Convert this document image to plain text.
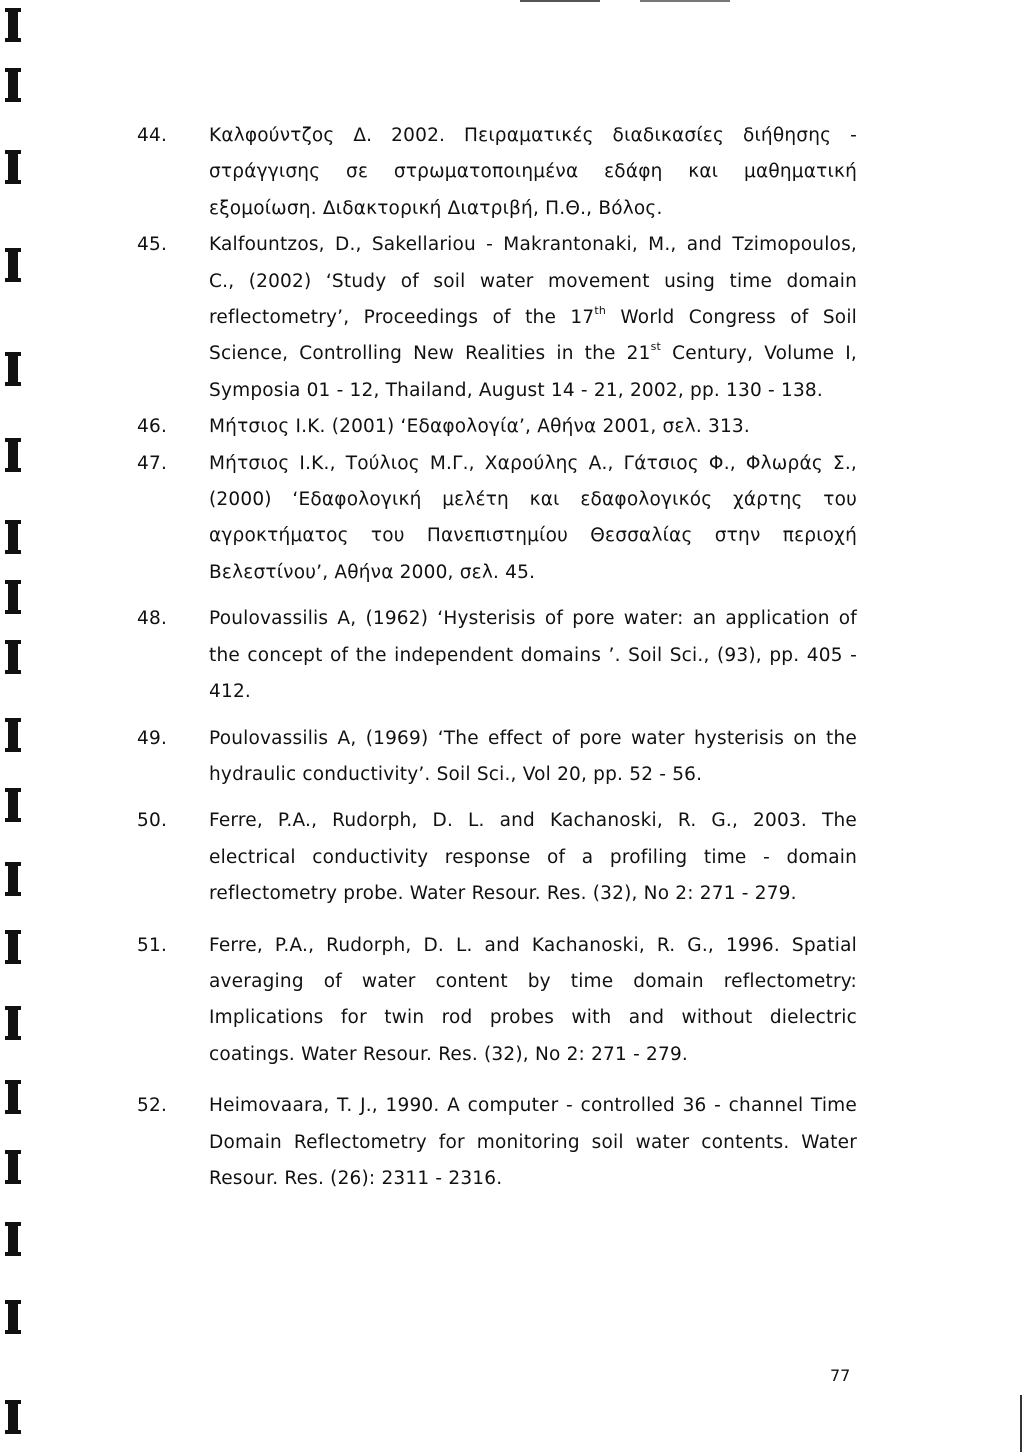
44. Καλφούντζος Δ. 2002. Πειραματικές διαδικασίες διήθησης - στράγγισης σε στρωματοποιημένα εδάφη και μαθηματική εξομοίωση. Διδακτορική Διατριβή, Π.Θ., Βόλος.
45. Kalfountzos, D., Sakellariou - Makrantonaki, M., and Tzimopoulos, C., (2002) ‘Study of soil water movement using time domain reflectometry’, Proceedings of the 17th World Congress of Soil Science, Controlling New Realities in the 21st Century, Volume I, Symposia 01 - 12, Thailand, August 14 - 21, 2002, pp. 130 - 138.
46. Μήτσιος Ι.Κ. (2001) ‘Εδαφολογία’, Αθήνα 2001, σελ. 313.
47. Μήτσιος Ι.Κ., Τούλιος Μ.Γ., Χαρούλης Α., Γάτσιος Φ., Φλωράς Σ., (2000) ‘Εδαφολογική μελέτη και εδαφολογικός χάρτης του αγροκτήματος του Πανεπιστημίου Θεσσαλίας στην περιοχή Βελεστίνου’, Αθήνα 2000, σελ. 45.
48. Poulovassilis A, (1962) ‘Hysterisis of pore water: an application of the concept of the independent domains ’. Soil Sci., (93), pp. 405 - 412.
49. Poulovassilis A, (1969) ‘The effect of pore water hysterisis on the hydraulic conductivity’. Soil Sci., Vol 20, pp. 52 - 56.
50. Ferre, P.A., Rudorph, D. L. and Kachanoski, R. G., 2003. The electrical conductivity response of a profiling time - domain reflectometry probe. Water Resour. Res. (32), No 2: 271 - 279.
51. Ferre, P.A., Rudorph, D. L. and Kachanoski, R. G., 1996. Spatial averaging of water content by time domain reflectometry: Implications for twin rod probes with and without dielectric coatings. Water Resour. Res. (32), No 2: 271 - 279.
52. Heimovaara, T. J., 1990. A computer - controlled 36 - channel Time Domain Reflectometry for monitoring soil water contents. Water Resour. Res. (26): 2311 - 2316.
77
